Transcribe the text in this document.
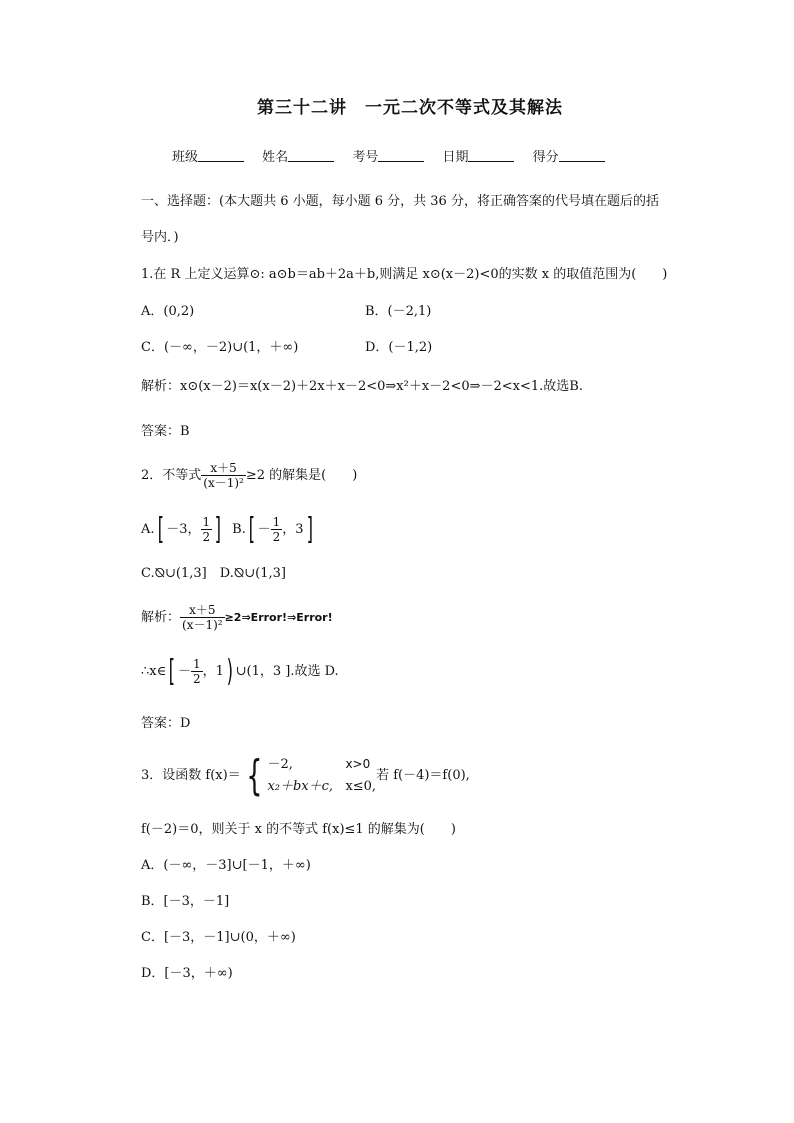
第三十二讲　一元二次不等式及其解法
班级	姓名	考号	日期	得分
一、选择题：(本大题共 6 小题，每小题 6 分，共 36 分，将正确答案的代号填在题后的括
号内．)
1.在 R 上定义运算⊙: a⊙b＝ab＋2a＋b,则满足 x⊙(x－2)<0的实数 x 的取值范围为(　　)
A．(0,2)	B．(－2,1)
C．(－∞，－2)∪(1，＋∞)	D．(－1,2)
解析：x⊙(x－2)＝x(x－2)＋2x＋x－2<0⇒x²＋x－2<0⇒－2<x<1.故选B.
答案：B
2．不等式 $\frac{x+5}{\text{(x－1)²}} \ge 2$ 的解集是(　　)
A.[ －3， $\frac{1}{2}$ ] $B.[ - \frac{1}{2}$ ，3]
C.⦰∪(1,3]　D.⦰∪(1,3]
解析： $\frac{x+5}{\text{(x－1)²}}$ ≥2⇒Error!⇒Error!
∴x∈[ － $\frac{1}{2}$ ，1) ∪(1，3 ].故选 D.
答案：D
3．设函数 f(x)＝ { －2,	x>0
x₂＋bx＋c, x≤0,
若 f(－4)＝f(0),
f(－2)＝0，则关于 x 的不等式 f(x)≤1 的解集为(　　)
A．(－∞，－3]∪[－1，＋∞)
B．[－3，－1]
C．[－3，－1]∪(0，＋∞)
D．[－3，＋∞)
